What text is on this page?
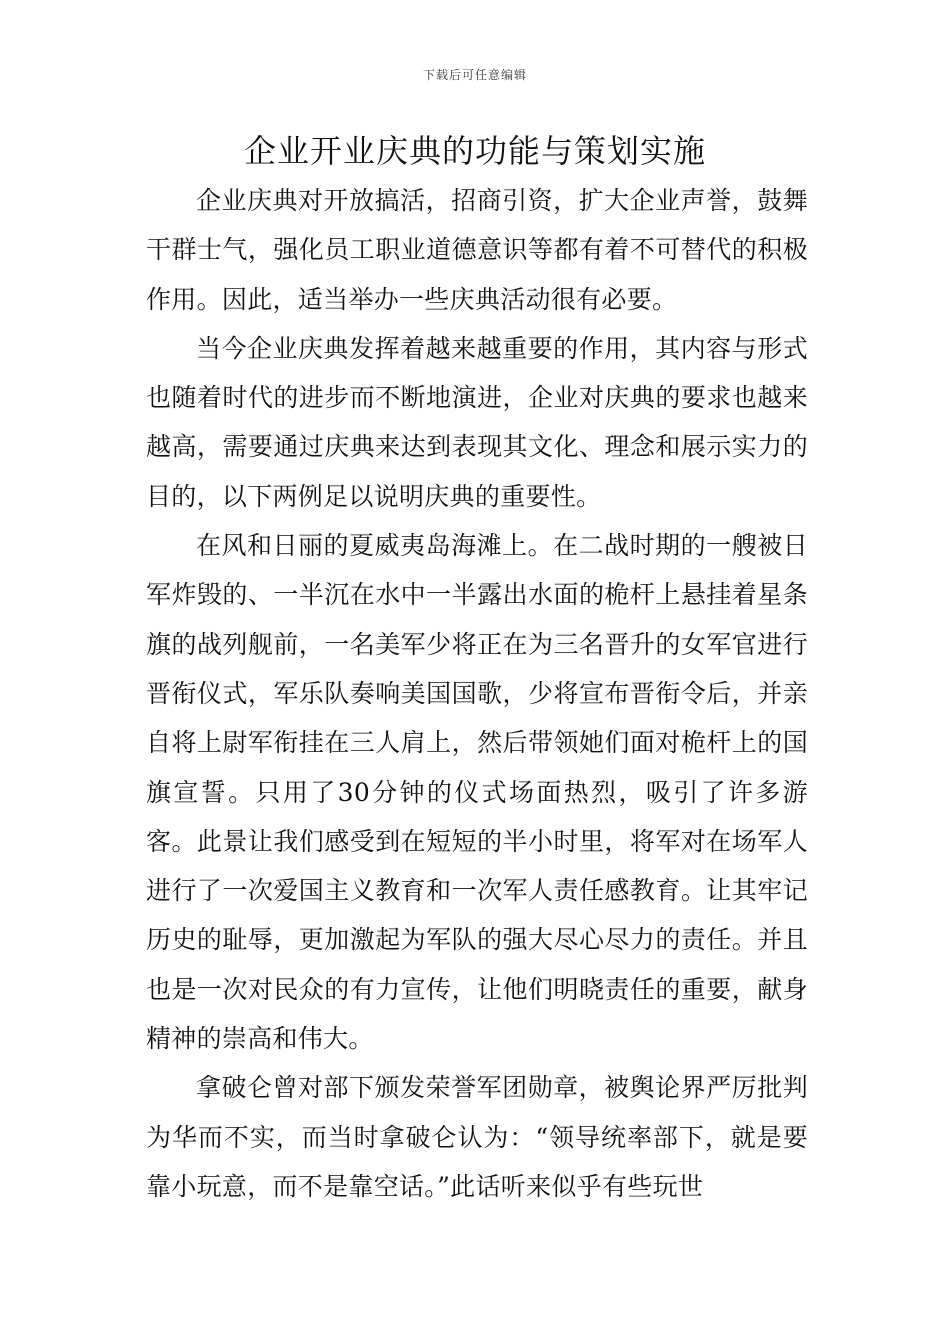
下载后可任意编辑
企业开业庆典的功能与策划实施

企业庆典对开放搞活，招商引资，扩大企业声誉，鼓舞干群士气，强化员工职业道德意识等都有着不可替代的积极作用。因此，适当举办一些庆典活动很有必要。

当今企业庆典发挥着越来越重要的作用，其内容与形式也随着时代的进步而不断地演进，企业对庆典的要求也越来越高，需要通过庆典来达到表现其文化、理念和展示实力的目的，以下两例足以说明庆典的重要性。

在风和日丽的夏威夷岛海滩上。在二战时期的一艘被日军炸毁的、一半沉在水中一半露出水面的桅杆上悬挂着星条旗的战列舰前，一名美军少将正在为三名晋升的女军官进行晋衔仪式，军乐队奏响美国国歌，少将宣布晋衔令后，并亲自将上尉军衔挂在三人肩上，然后带领她们面对桅杆上的国旗宣誓。只用了30分钟的仪式场面热烈，吸引了许多游客。此景让我们感受到在短短的半小时里，将军对在场军人进行了一次爱国主义教育和一次军人责任感教育。让其牢记历史的耻辱，更加激起为军队的强大尽心尽力的责任。并且也是一次对民众的有力宣传，让他们明晓责任的重要，献身精神的崇高和伟大。

拿破仑曾对部下颁发荣誉军团勋章，被舆论界严厉批判为华而不实，而当时拿破仑认为：“领导统率部下，就是要靠小玩意，而不是靠空话。”此话听来似乎有些玩世
